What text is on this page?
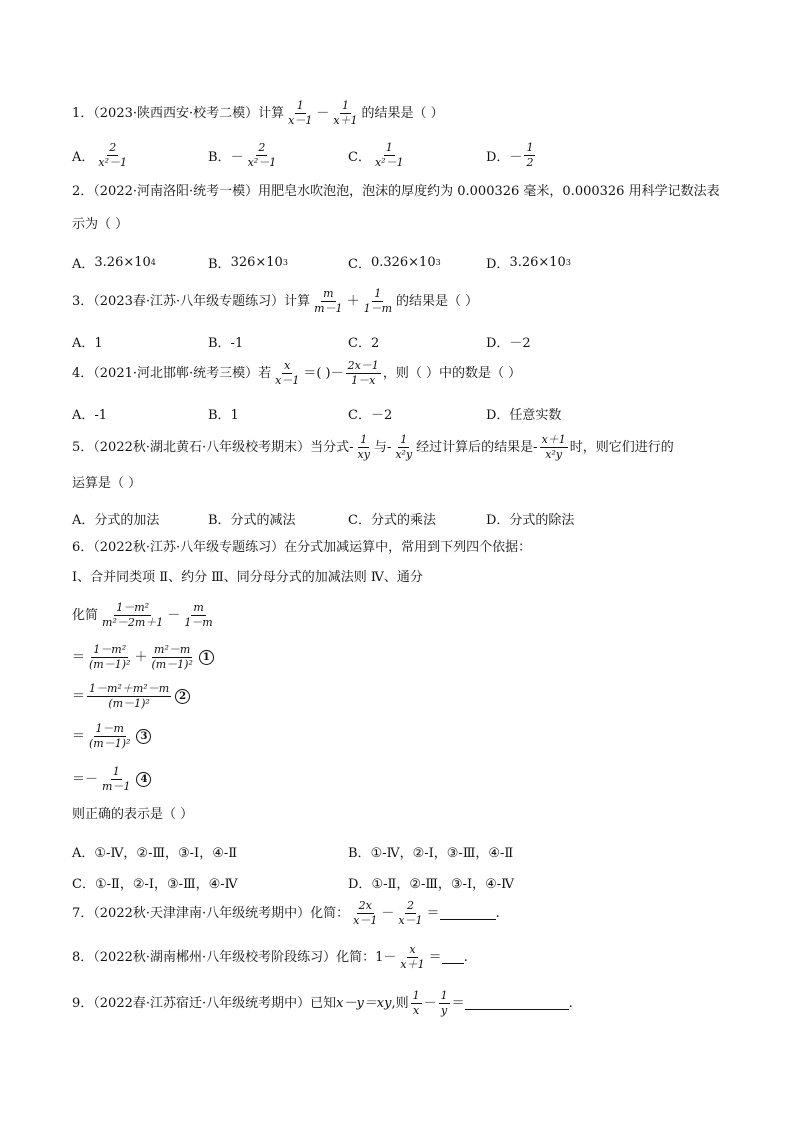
1．（2023·陕西西安·校考二模）计算 $\frac{1}{x-1} - \frac{1}{x+1}$ 的结果是（ ）
A． $\frac{2}{\text{x²－1}}$	B． － $\frac{2}{\text{x²－1}}$	C． $\frac{1}{\text{x²－1}}$	D． － $\frac{1}{2}$
2．（2022·河南洛阳·统考一模）用肥皂水吹泡泡，泡沫的厚度约为 0.000326 毫米，0.000326 用科学记数法表
示为（ ）
A． 3.26×10 4	B． 326×10 3	C． 0.326×10 3	D． 3.26×10 3
3．（2023春·江苏·八年级专题练习）计算 $\frac{m}{m-1} + \frac{1}{1-m}$ 的结果是（ ）
A．1	B．-1	C．2	D．－2
4．（2021·河北邯郸·统考三模）若 $\frac{x}{x-1}$ ＝( )－ $\frac{2x-1}{1-x}$ ，则（ ）中的数是（ ）
A．-1	B．1	C．－2	D．任意实数
5．（2022秋·湖北黄石·八年级校考期末）当分式- $\frac{1}{xy}$ 与- $\frac{1}{\text{x²y}}$ 经过计算后的结果是- $\frac{x+1}{\text{x²y}}$ 时，则它们进行的
运算是（ ）
A．分式的加法	B．分式的减法	C．分式的乘法	D．分式的除法
6．（2022秋·江苏·八年级专题练习）在分式加减运算中，常用到下列四个依据：
Ⅰ、合并同类项 Ⅱ、约分 Ⅲ、同分母分式的加减法则 Ⅳ、通分
化简 $\frac{\text{1－m²}}{\text{m²－2m＋1}} - \frac{m}{1-m}$
＝ $\frac{\text{1－m²}}{\text{(m－1)²}} + \frac{\text{m²－m}}{\text{(m－1)²}} 1$
＝ $\frac{\text{1－m²＋m²－m}}{\text{(m－1)²}} 2$
＝ $\frac{1-m}{\text{(m－1)²}} 3$
＝－ $\frac{1}{m-1} 4$
则正确的表示是（ ）
A． ①-Ⅳ，②-Ⅲ，③-Ⅰ，④-Ⅱ	B． ①-Ⅳ，②-Ⅰ，③-Ⅲ，④-Ⅱ
C． ①-Ⅱ，②-Ⅰ，③-Ⅲ，④-Ⅳ	D． ①-Ⅱ，②-Ⅲ，③-Ⅰ，④-Ⅳ
7．（2022秋·天津津南·八年级统考期中）化简： $\frac{2x}{x-1} - \frac{2}{x-1}$ ＝	.
8．（2022秋·湖南郴州·八年级校考阶段练习）化简：$1- \frac{x}{x+1}$ ＝ .
9．（2022春·江苏宿迁·八年级统考期中）已知 x－y＝xy ,则 $\frac{1}{x} - \frac{1}{y}$ ＝	.
